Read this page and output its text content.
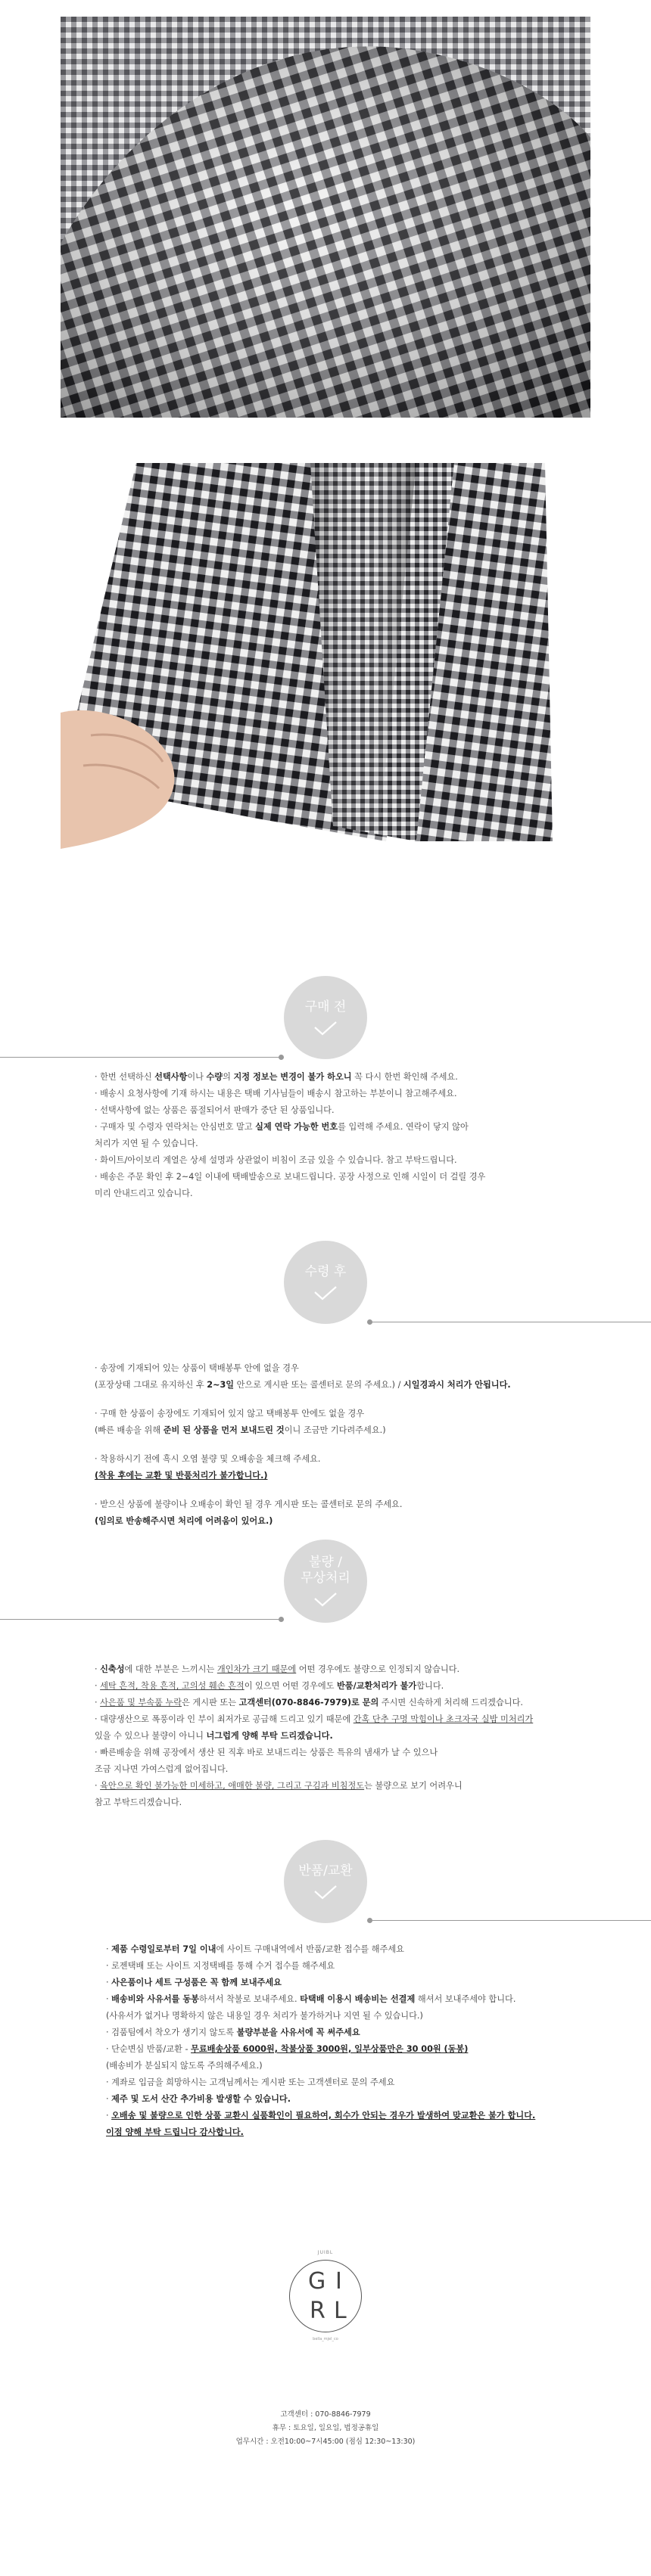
구매 전

· 한번 선택하신 선택사항이나 수량의 지정 정보는 변경이 불가 하오니 꼭 다시 한번 확인해 주세요.

· 배송시 요청사항에 기재 하시는 내용은 택배 기사님들이 배송시 참고하는 부분이니 참고해주세요.

· 선택사항에 없는 상품은 품절되어서 판매가 중단 된 상품입니다.

· 구매자 및 수령자 연락처는 안심번호 말고 실제 연락 가능한 번호를 입력해 주세요. 연락이 닿지 않아

처리가 지연 될 수 있습니다.

· 화이트/아이보리 계열은 상세 설명과 상관없이 비침이 조금 있을 수 있습니다. 참고 부탁드립니다.

· 배송은 주문 확인 후 2~4일 이내에 택배발송으로 보내드립니다. 공장 사정으로 인해 시일이 더 걸릴 경우

미리 안내드리고 있습니다.

수령 후

· 송장에 기재되어 있는 상품이 택배봉투 안에 없을 경우

(포장상태 그대로 유지하신 후 2~3일 안으로 게시판 또는 콜센터로 문의 주세요.) / 시일경과시 처리가 안됩니다.

· 구매 한 상품이 송장에도 기재되어 있지 않고 택배봉투 안에도 없을 경우

(빠른 배송을 위해 준비 된 상품을 먼저 보내드린 것이니 조금만 기다려주세요.)

· 착용하시기 전에 흑시 오염 불량 및 오배송을 체크해 주세요.

(착용 후에는 교환 및 반품처리가 불가합니다.)

· 받으신 상품에 불량이나 오배송이 확인 될 경우 게시판 또는 콜센터로 문의 주세요.

(임의로 반송해주시면 처리에 어려움이 있어요.)

불량 /
무상처리

· 신축성에 대한 부분은 느끼시는 개인차가 크기 때문에 어떤 경우에도 불량으로 인정되지 않습니다.

· 세탁 흔적, 착용 흔적, 고의성 훼손 흔적이 있으면 어떤 경우에도 반품/교환처리가 불가합니다.

· 사은품 및 부속품 누락은 게시판 또는 고객센터(070-8846-7979)로 문의 주시면 신속하게 처리해 드리겠습니다.

· 대량생산으로 폭풍이라 인 부이 최저가로 공급해 드리고 있기 때문에 간혹 단추 구멍 막힘이나 초크자국 실밥 미처리가

있을 수 있으나 불량이 아니니 너그럽게 양해 부탁 드리겠습니다.

· 빠른배송을 위해 공장에서 생산 된 직후 바로 보내드리는 상품은 특유의 냄새가 날 수 있으나

조금 지나면 가여스럽게 없어집니다.

· 육안으로 확인 불가능한 미세하고, 애매한 불량, 그리고 구김과 비침정도는 불량으로 보기 어려우니

참고 부탁드리겠습니다.

반품/교환

· 제품 수령일로부터 7일 이내에 사이트 구매내역에서 반품/교환 접수를 해주세요

· 로젠택배 또는 사이트 지정택배를 통해 수거 접수를 해주세요

· 사은품이나 세트 구성품은 꼭 함께 보내주세요

· 배송비와 사유서를 동봉하셔서 착불로 보내주세요. 타택배 이용시 배송비는 선결제 해셔서 보내주세야 합니다.

(사유서가 없거나 명확하지 않은 내용일 경우 처리가 불가하거나 지연 될 수 있습니다.)

· 검품팀에서 착오가 생기지 않도록 불량부분을 사유서에 꼭 써주세요

· 단순변심 반품/교환 - 무료배송상품 6000원, 착불상품 3000원, 일부상품만은 30 00원 (동봉)

(배송비가 분실되지 않도록 주의해주세요.)

· 계좌로 입금을 희망하시는 고객님께서는 게시판 또는 고객센터로 문의 주세요

· 제주 및 도서 산간 추가비용 발생할 수 있습니다.

· 오배송 및 불량으로 인한 상품 교환시 실품확인이 필요하여, 회수가 안되는 경우가 발생하여 맞교환은 불가 합니다.

이점 양해 부탁 드립니다 감사합니다.

JUIBL
G I
R L
bella_mjel_co
고객센터 : 070-8846-7979
휴무 : 토요일, 일요일, 법정공휴일
업무시간 : 오전10:00~7시45:00 (점심 12:30~13:30)
